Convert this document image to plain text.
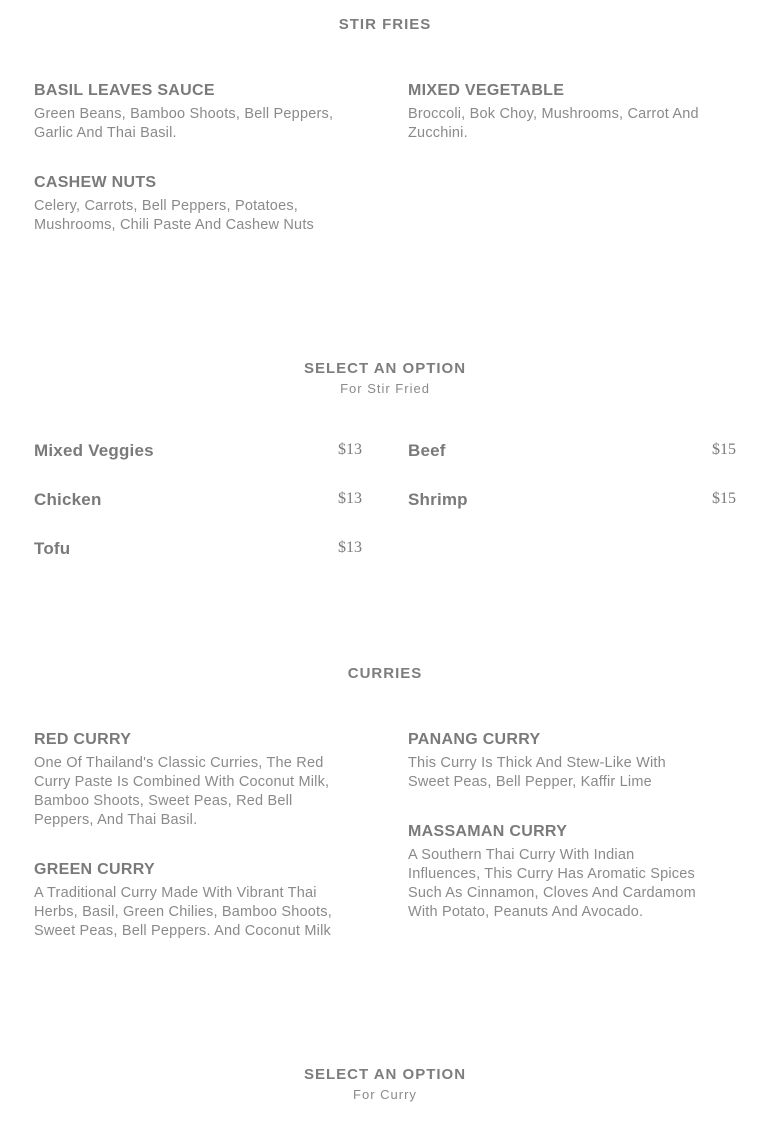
STIR FRIES

BASIL LEAVES SAUCE

Green Beans, Bamboo Shoots, Bell Peppers, Garlic And Thai Basil.

MIXED VEGETABLE

Broccoli, Bok Choy, Mushrooms, Carrot And Zucchini.

CASHEW NUTS

Celery, Carrots, Bell Peppers, Potatoes, Mushrooms, Chili Paste And Cashew Nuts

SELECT AN OPTION

For Stir Fried

Mixed Veggies	$13	Beef	$15
Chicken	$13	Shrimp	$15
Tofu	$13
CURRIES

RED CURRY

One Of Thailand's Classic Curries, The Red Curry Paste Is Combined With Coconut Milk, Bamboo Shoots, Sweet Peas, Red Bell Peppers, And Thai Basil.

PANANG CURRY

This Curry Is Thick And Stew-Like With Sweet Peas, Bell Pepper, Kaffir Lime

MASSAMAN CURRY

A Southern Thai Curry With Indian Influences, This Curry Has Aromatic Spices Such As Cinnamon, Cloves And Cardamom With Potato, Peanuts And Avocado.

GREEN CURRY

A Traditional Curry Made With Vibrant Thai Herbs, Basil, Green Chilies, Bamboo Shoots, Sweet Peas, Bell Peppers. And Coconut Milk

SELECT AN OPTION

For Curry
